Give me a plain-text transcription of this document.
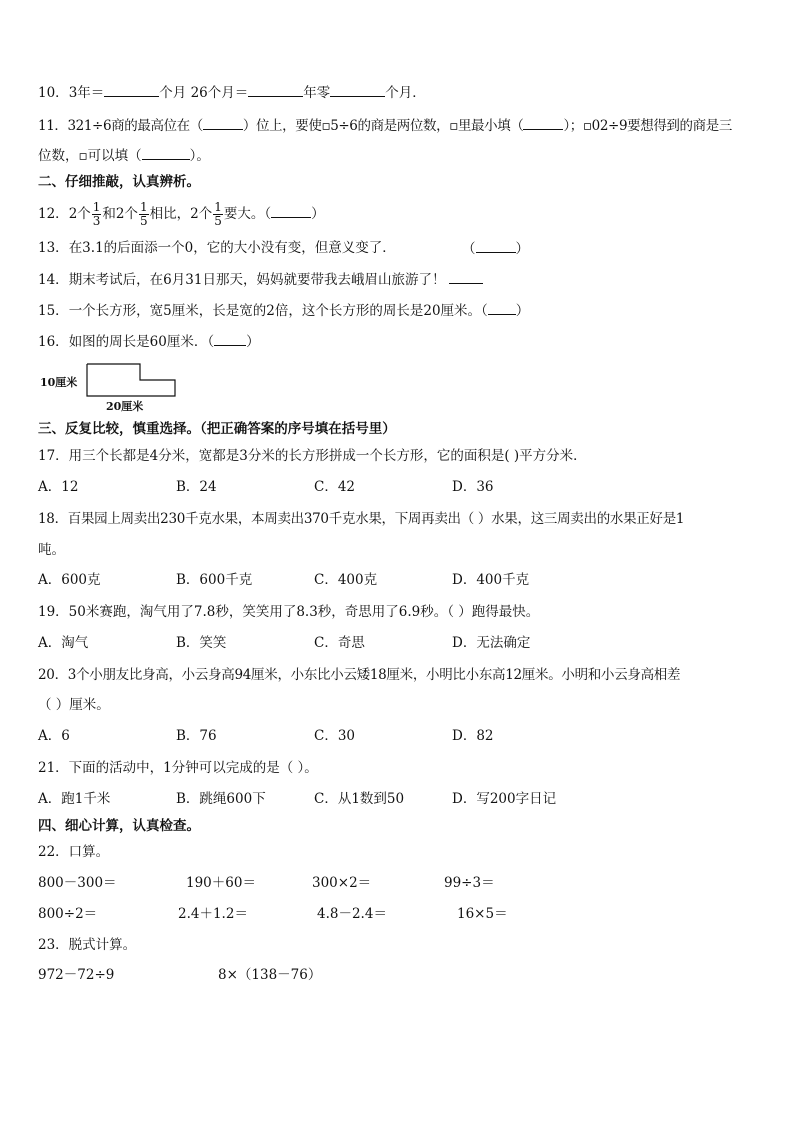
10．3年＝	个月 26个月＝	年零	个月．
11．321÷6商的最高位在（	）位上，要使▫5÷6的商是两位数，▫里最小填（	）；▫02÷9要想得到的商是三
位数，▫可以填（	）。
二、仔细推敲，认真辨析。
12．2个 $\frac{1}{3}$ 和2个 $\frac{1}{5}$ 相比，2个 $\frac{1}{5}$ 要大。（	）
13．在3.1的后面添一个0，它的大小没有变，但意义变了．	（	）
14．期末考试后，在6月31日那天，妈妈就要带我去峨眉山旅游了！
15．一个长方形，宽5厘米，长是宽的2倍，这个长方形的周长是20厘米。（ ）
16．如图的周长是60厘米．（ ）
10厘米
20厘米
三、反复比较，慎重选择。（把正确答案的序号填在括号里）
17．用三个长都是4分米，宽都是3分米的长方形拼成一个长方形，它的面积是( )平方分米．
A．12	B．24	C．42	D．36
18．百果园上周卖出230千克水果，本周卖出370千克水果，下周再卖出（ ）水果，这三周卖出的水果正好是1
吨。
A．600克	B．600千克	C．400克	D．400千克
19．50米赛跑，淘气用了7.8秒，笑笑用了8.3秒，奇思用了6.9秒。（ ）跑得最快。
A．淘气	B．笑笑	C．奇思	D．无法确定
20．3个小朋友比身高，小云身高94厘米，小东比小云矮18厘米，小明比小东高12厘米。小明和小云身高相差
（ ）厘米。
A．6	B．76	C．30	D．82
21．下面的活动中，1分钟可以完成的是（ ）。
A．跑1千米	B．跳绳600下	C．从1数到50	D．写200字日记
四、细心计算，认真检查。
22．口算。
800－300＝	190＋60＝	300×2＝	99÷3＝
800÷2＝	2.4＋1.2＝	4.8－2.4＝	16×5＝
23．脱式计算。
972－72÷9	8×（138－76）
